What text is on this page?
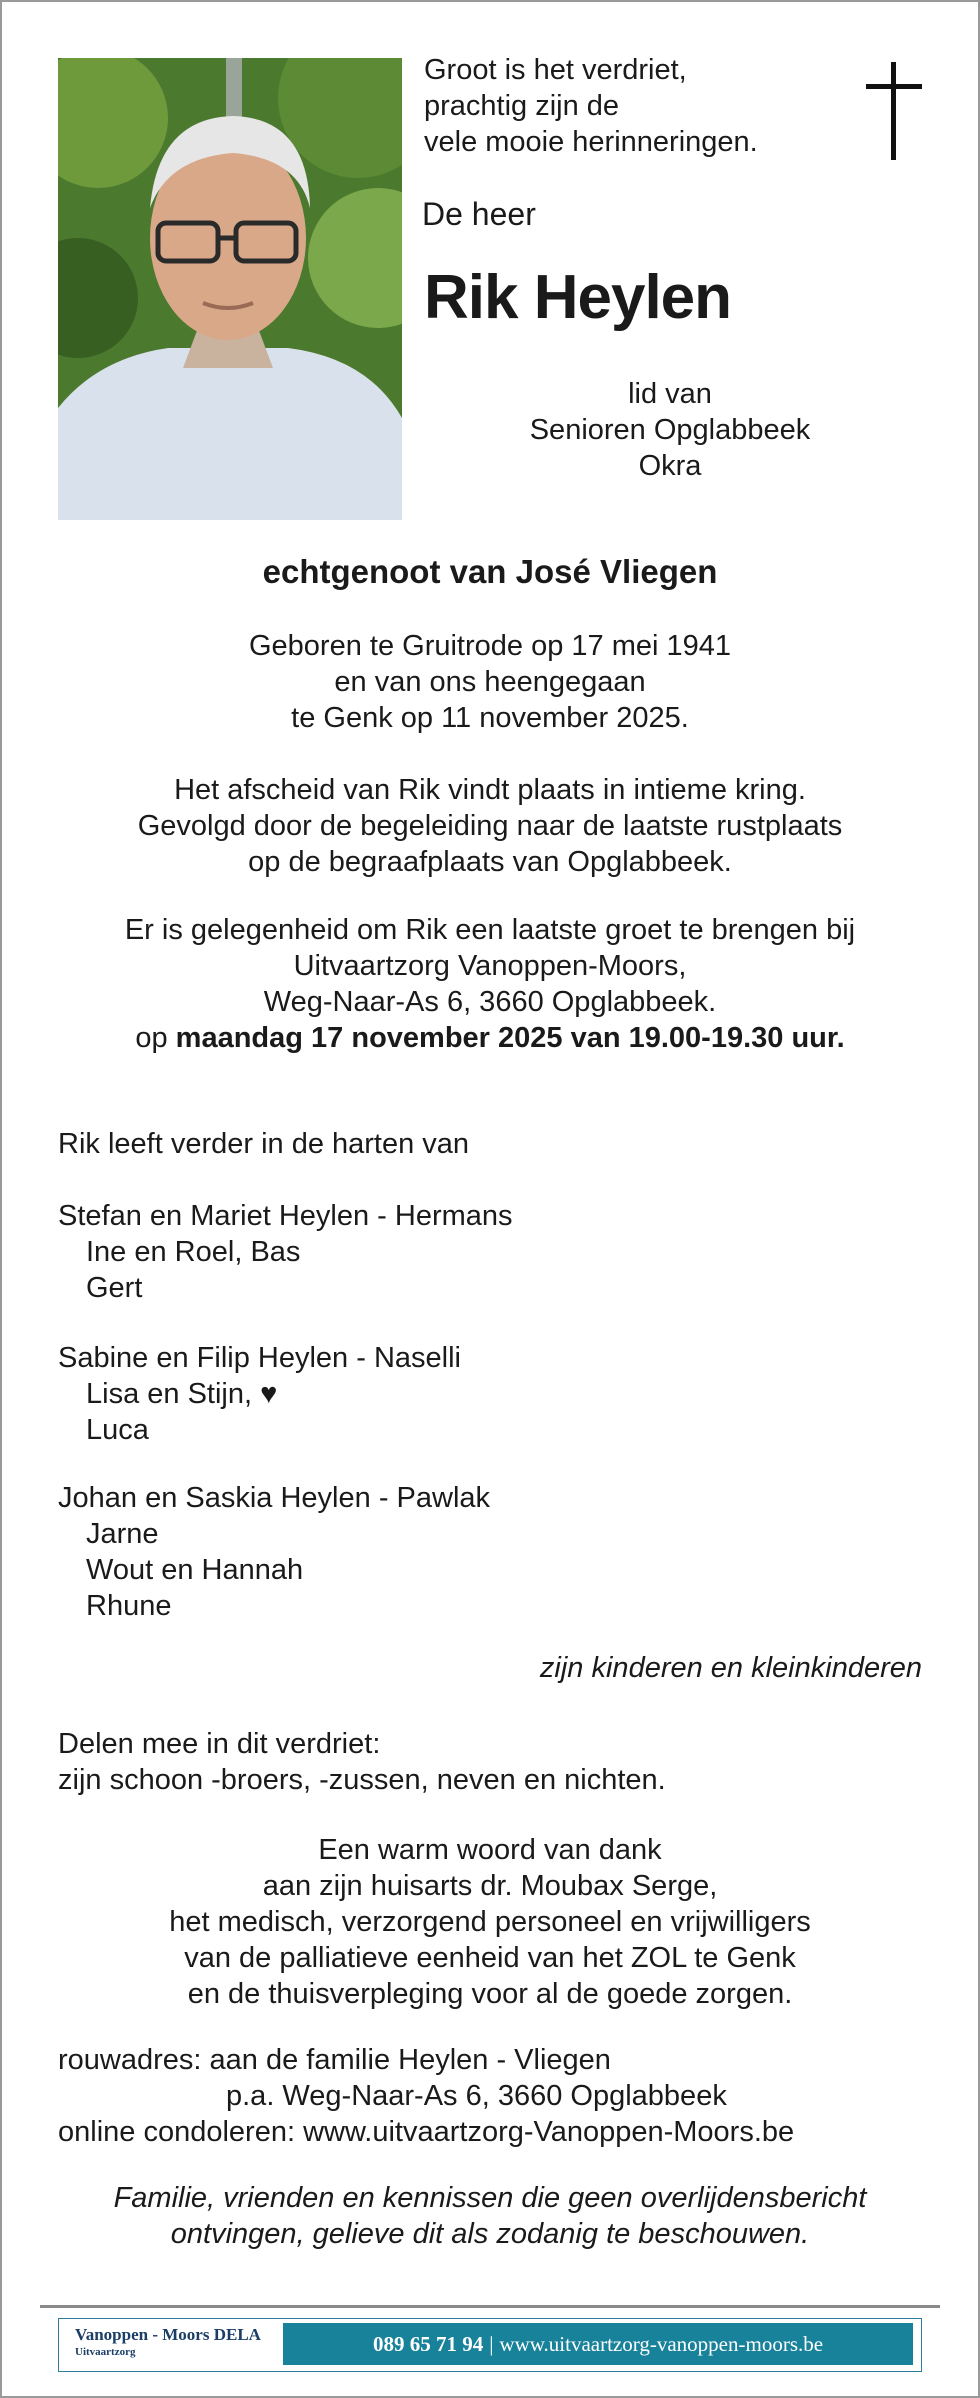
Groot is het verdriet,
prachtig zijn de
vele mooie herinneringen.
De heer
Rik Heylen
lid van
Senioren Opglabbeek
Okra
echtgenoot van José Vliegen
Geboren te Gruitrode op 17 mei 1941
en van ons heengegaan
te Genk op 11 november 2025.
Het afscheid van Rik vindt plaats in intieme kring.
Gevolgd door de begeleiding naar de laatste rustplaats
op de begraafplaats van Opglabbeek.
Er is gelegenheid om Rik een laatste groet te brengen bij
Uitvaartzorg Vanoppen-Moors,
Weg-Naar-As 6, 3660 Opglabbeek.
op maandag 17 november 2025 van 19.00-19.30 uur.
Rik leeft verder in de harten van
Stefan en Mariet Heylen - Hermans
Ine en Roel, Bas
Gert
Sabine en Filip Heylen - Naselli
Lisa en Stijn, ♥
Luca
Johan en Saskia Heylen - Pawlak
Jarne
Wout en Hannah
Rhune
zijn kinderen en kleinkinderen
Delen mee in dit verdriet:
zijn schoon -broers, -zussen, neven en nichten.
Een warm woord van dank
aan zijn huisarts dr. Moubax Serge,
het medisch, verzorgend personeel en vrijwilligers
van de palliatieve eenheid van het ZOL te Genk
en de thuisverpleging voor al de goede zorgen.
rouwadres: aan de familie Heylen - Vliegen
p.a. Weg-Naar-As 6, 3660 Opglabbeek
online condoleren: www.uitvaartzorg-Vanoppen-Moors.be
Familie, vrienden en kennissen die geen overlijdensbericht
ontvingen, gelieve dit als zodanig te beschouwen.
Vanoppen - Moors DELA
Uitvaartzorg	089 65 71 94 | www.uitvaartzorg-vanoppen-moors.be
